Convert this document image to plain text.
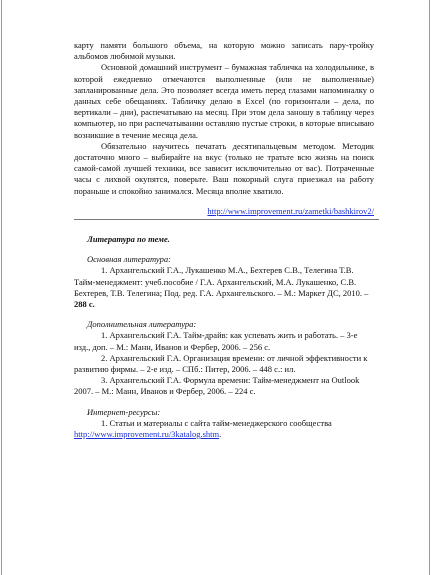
карту памяти большого объема, на которую можно записать пару-тройку альбомов любимой музыки.

Основной домашний инструмент – бумажная табличка на холодильнике, в которой ежедневно отмечаются выполненные (или не выполненные) запланированные дела. Это позволяет всегда иметь перед глазами напоминалку о данных себе обещаниях. Табличку делаю в Excel (по горизонтали – дела, по вертикали – дни), распечатываю на месяц. При этом дела заношу в таблицу через компьютер, но при распечатывании оставляю пустые строки, в которые вписываю возникшие в течение месяца дела.

Обязательно научитесь печатать десятипальцевым методом. Методик достаточно много – выбирайте на вкус (только не тратьте всю жизнь на поиск самой-самой лучшей техники, все зависит исключительно от вас). Потраченные часы с лихвой окупятся, поверьте. Ваш покорный слуга приезжал на работу пораньше и спокойно занимался. Месяца вполне хватило.

http://www.improvement.ru/zametki/bashkirov2/

Литература по теме.

Основная литература:

1. Архангельский Г.А., Лукашенко М.А., Бехтерев С.В., Телегина Т.В. Тайм-менеджмент: учеб.пособие / Г.А. Архангельский, М.А. Лукашенко, С.В. Бехтерев, Т.В. Телегина; Под. ред. Г.А. Архангельского. – М.: Маркет ДС, 2010. – 288 с.

Дополнительная литература:

1. Архангельский Г.А. Тайм-драйв: как успевать жить и работать. – 3-е изд., доп. – М.: Манн, Иванов и Фербер, 2006. – 256 с.

2. Архангельский Г.А. Организация времени: от личной эффективности к развитию фирмы. – 2-е изд. – СПб.: Питер, 2006. – 448 с.: ил.

3. Архангельский Г.А. Формула времени: Тайм-менеджмент на Outlook 2007. – М.: Манн, Иванов и Фербер, 2006. – 224 с.

Интернет-ресурсы:

1. Статьи и материалы с сайта тайм-менеджерского сообщества http://www.improvement.ru/3katalog.shtm.
